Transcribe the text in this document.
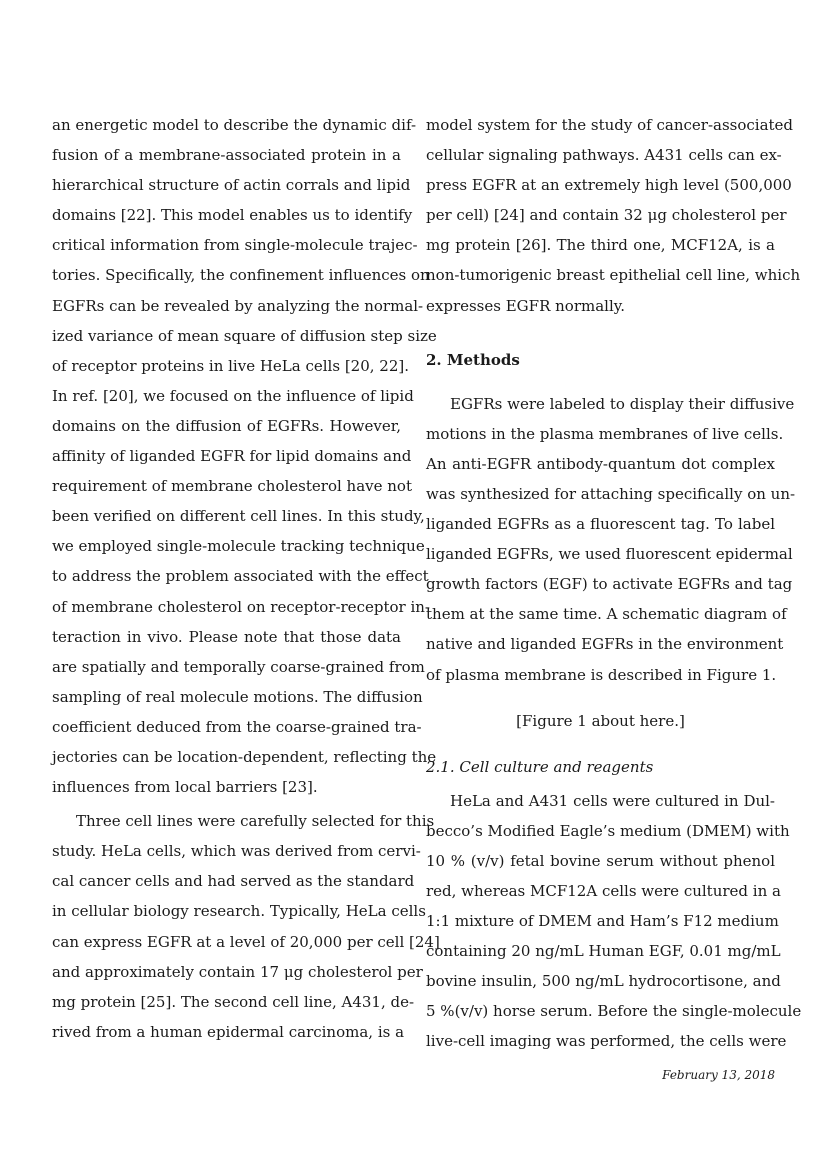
an energetic model to describe the dynamic dif-
fusion of a membrane-associated protein in a
hierarchical structure of actin corrals and lipid
domains [22]. This model enables us to identify
critical information from single-molecule trajec-
tories. Specifically, the confinement influences on
EGFRs can be revealed by analyzing the normal-
ized variance of mean square of diffusion step size
of receptor proteins in live HeLa cells [20, 22].
In ref. [20], we focused on the influence of lipid
domains on the diffusion of EGFRs. However,
affinity of liganded EGFR for lipid domains and
requirement of membrane cholesterol have not
been verified on different cell lines. In this study,
we employed single-molecule tracking technique
to address the problem associated with the effect
of membrane cholesterol on receptor-receptor in-
teraction in vivo. Please note that those data
are spatially and temporally coarse-grained from
sampling of real molecule motions. The diffusion
coefficient deduced from the coarse-grained tra-
jectories can be location-dependent, reflecting the
influences from local barriers [23].
Three cell lines were carefully selected for this
study. HeLa cells, which was derived from cervi-
cal cancer cells and had served as the standard
in cellular biology research. Typically, HeLa cells
can express EGFR at a level of 20,000 per cell [24]
and approximately contain 17 μg cholesterol per
mg protein [25]. The second cell line, A431, de-
rived from a human epidermal carcinoma, is a
model system for the study of cancer-associated
cellular signaling pathways. A431 cells can ex-
press EGFR at an extremely high level (500,000
per cell) [24] and contain 32 μg cholesterol per
mg protein [26]. The third one, MCF12A, is a
non-tumorigenic breast epithelial cell line, which
expresses EGFR normally.
2. Methods
EGFRs were labeled to display their diffusive
motions in the plasma membranes of live cells.
An anti-EGFR antibody-quantum dot complex
was synthesized for attaching specifically on un-
liganded EGFRs as a fluorescent tag. To label
liganded EGFRs, we used fluorescent epidermal
growth factors (EGF) to activate EGFRs and tag
them at the same time. A schematic diagram of
native and liganded EGFRs in the environment
of plasma membrane is described in Figure 1.
[Figure 1 about here.]
2.1. Cell culture and reagents
HeLa and A431 cells were cultured in Dul-
becco’s Modified Eagle’s medium (DMEM) with
10 % (v/v) fetal bovine serum without phenol
red, whereas MCF12A cells were cultured in a
1:1 mixture of DMEM and Ham’s F12 medium
containing 20 ng/mL Human EGF, 0.01 mg/mL
bovine insulin, 500 ng/mL hydrocortisone, and
5 %(v/v) horse serum. Before the single-molecule
live-cell imaging was performed, the cells were
February 13, 2018
